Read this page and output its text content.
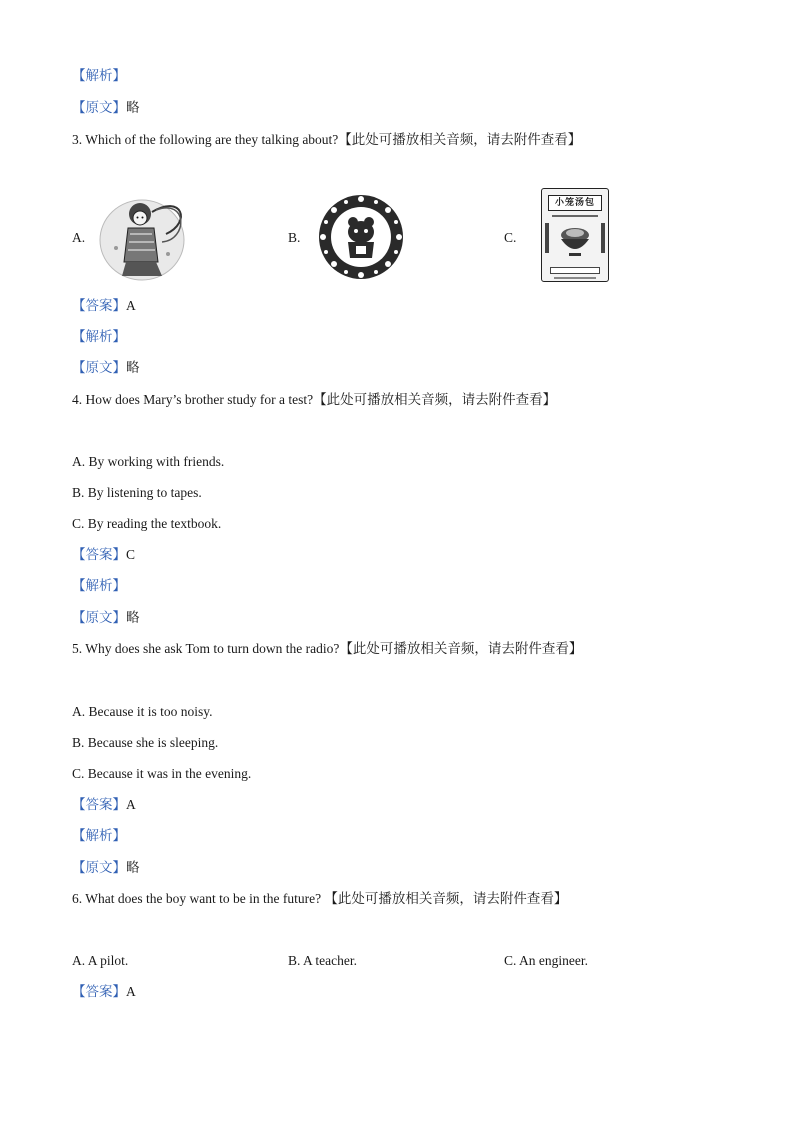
【解析】
【原文】略
3. Which of the following are they talking about?【此处可播放相关音频，请去附件查看】
A.	B.	C.
小笼汤包
【答案】A
【解析】
【原文】略
4. How does Mary’s brother study for a test?【此处可播放相关音频，请去附件查看】
A. By working with friends.
B. By listening to tapes.
C. By reading the textbook.
【答案】C
【解析】
【原文】略
5. Why does she ask Tom to turn down the radio?【此处可播放相关音频，请去附件查看】
A. Because it is too noisy.
B. Because she is sleeping.
C. Because it was in the evening.
【答案】A
【解析】
【原文】略
6. What does the boy want to be in the future? 【此处可播放相关音频，请去附件查看】
A. A pilot.	B. A teacher.	C. An engineer.
【答案】A
